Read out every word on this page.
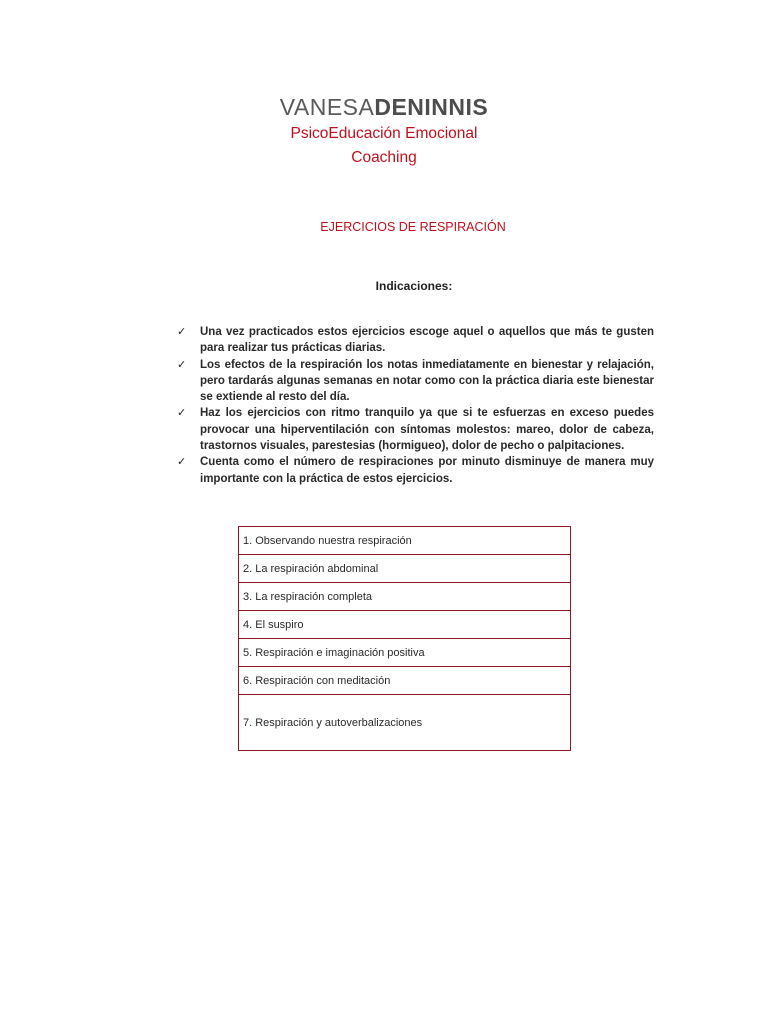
VANESADENINNIS
PsicoEducación Emocional
Coaching
EJERCICIOS DE RESPIRACIÓN
Indicaciones:
✓ Una vez practicados estos ejercicios escoge aquel o aquellos que más te gusten para realizar tus prácticas diarias.
✓ Los efectos de la respiración los notas inmediatamente en bienestar y relajación, pero tardarás algunas semanas en notar como con la práctica diaria este bienestar se extiende al resto del día.
✓ Haz los ejercicios con ritmo tranquilo ya que si te esfuerzas en exceso puedes provocar una hiperventilación con síntomas molestos: mareo, dolor de cabeza, trastornos visuales, parestesias (hormigueo), dolor de pecho o palpitaciones.
✓ Cuenta como el número de respiraciones por minuto disminuye de manera muy importante con la práctica de estos ejercicios.
1. Observando nuestra respiración
2. La respiración abdominal
3. La respiración completa
4. El suspiro
5. Respiración e imaginación positiva
6. Respiración con meditación
7. Respiración y autoverbalizaciones
